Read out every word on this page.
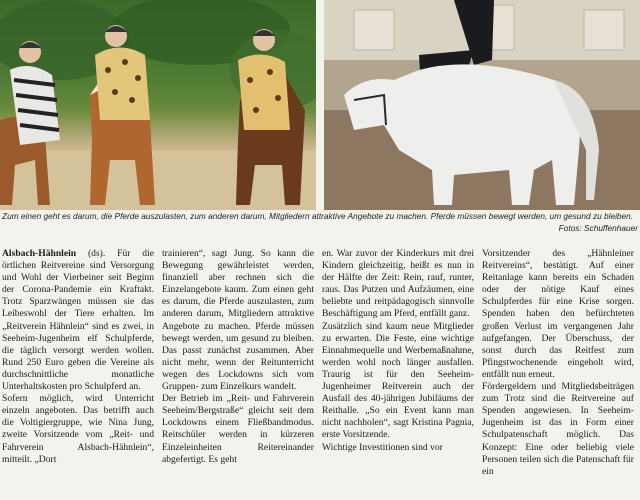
Zum einen geht es darum, die Pferde auszulasten, zum anderen darum, Mitgliedern attraktive Angebote zu machen. Pferde müssen bewegt werden, um gesund zu bleiben.
Fotos: Schuffenhauer

Alsbach-Hähnlein (ds). Für die örtlichen Reitvereine sind Versorgung und Wohl der Vierbeiner seit Beginn der Corona-Pandemie ein Kraftakt. Trotz Sparzwängen müssen sie das Leibeswohl der Tiere erhalten. Im „Reitverein Hähnlein“ sind es zwei, in Seeheim-Jugenheim elf Schulpferde, die täglich versorgt werden wollen. Rund 250 Euro geben die Vereine als durchschnittliche monatliche Unterhaltskosten pro Schulpferd an.

Sofern möglich, wird Unterricht einzeln angeboten. Das betrifft auch die Voltigiergruppe, wie Nina Jung, zweite Vorsitzende vom „Reit- und Fahrverein Alsbach-Hähnlein“, mitteilt. „Dort

trainieren“, sagt Jung. So kann die Bewegung gewährleistet werden, finanziell aber rechnen sich die Einzelangebote kaum. Zum einen geht es darum, die Pferde auszulasten, zum anderen darum, Mitgliedern attraktive Angebote zu machen. Pferde müssen bewegt werden, um gesund zu bleiben. Das passt zunächst zusammen. Aber nicht mehr, wenn der Reitunterricht wegen des Lockdowns sich vom Gruppen- zum Einzelkurs wandelt.

Der Betrieb im „Reit- und Fahrverein Seeheim/Bergstraße“ gleicht seit dem Lockdowns einem Fließbandmodus. Reitschüler werden in kürzeren Einzeleinheiten Reitereinander abgefertigt. Es geht

en. War zuvor der Kinderkurs mit drei Kindern gleichzeitig, heißt es nun in der Hälfte der Zeit: Rein, rauf, runter, raus. Das Putzen und Aufzäumen, eine beliebte und reitpädagogisch sinnvolle Beschäftigung am Pferd, entfällt ganz.

Zusätzlich sind kaum neue Mitglieder zu erwarten. Die Feste, eine wichtige Einnahmequelle und Werbemaßnahme, werden wohl noch länger ausfallen. Traurig ist für den Seeheim-Jugenheimer Reitverein auch der Ausfall des 40-jährigen Jubiläums der Reithalle. „So ein Event kann man nicht nachholen“, sagt Kristina Pagnia, erste Vorsitzende.

Wichtige Investitionen sind vor

Vorsitzender des „Hähnleiner Reitvereins“, bestätigt. Auf einer Reitanlage kann bereits ein Schaden oder der nötige Kauf eines Schulpferdes für eine Krise sorgen. Spenden haben den befürchteten großen Verlust im vergangenen Jahr aufgefangen. Der Überschuss, der sonst durch das Reitfest zum Pfingstwochenende eingeholt wird, entfällt nun erneut.

Fördergeldern und Mitgliedsbeiträgen zum Trotz sind die Reitvereine auf Spenden angewiesen. In Seeheim-Jugenheim ist das in Form einer Schulpatenschaft möglich. Das Konzept: Eine oder beliebig viele Personen teilen sich die Patenschaft für ein
